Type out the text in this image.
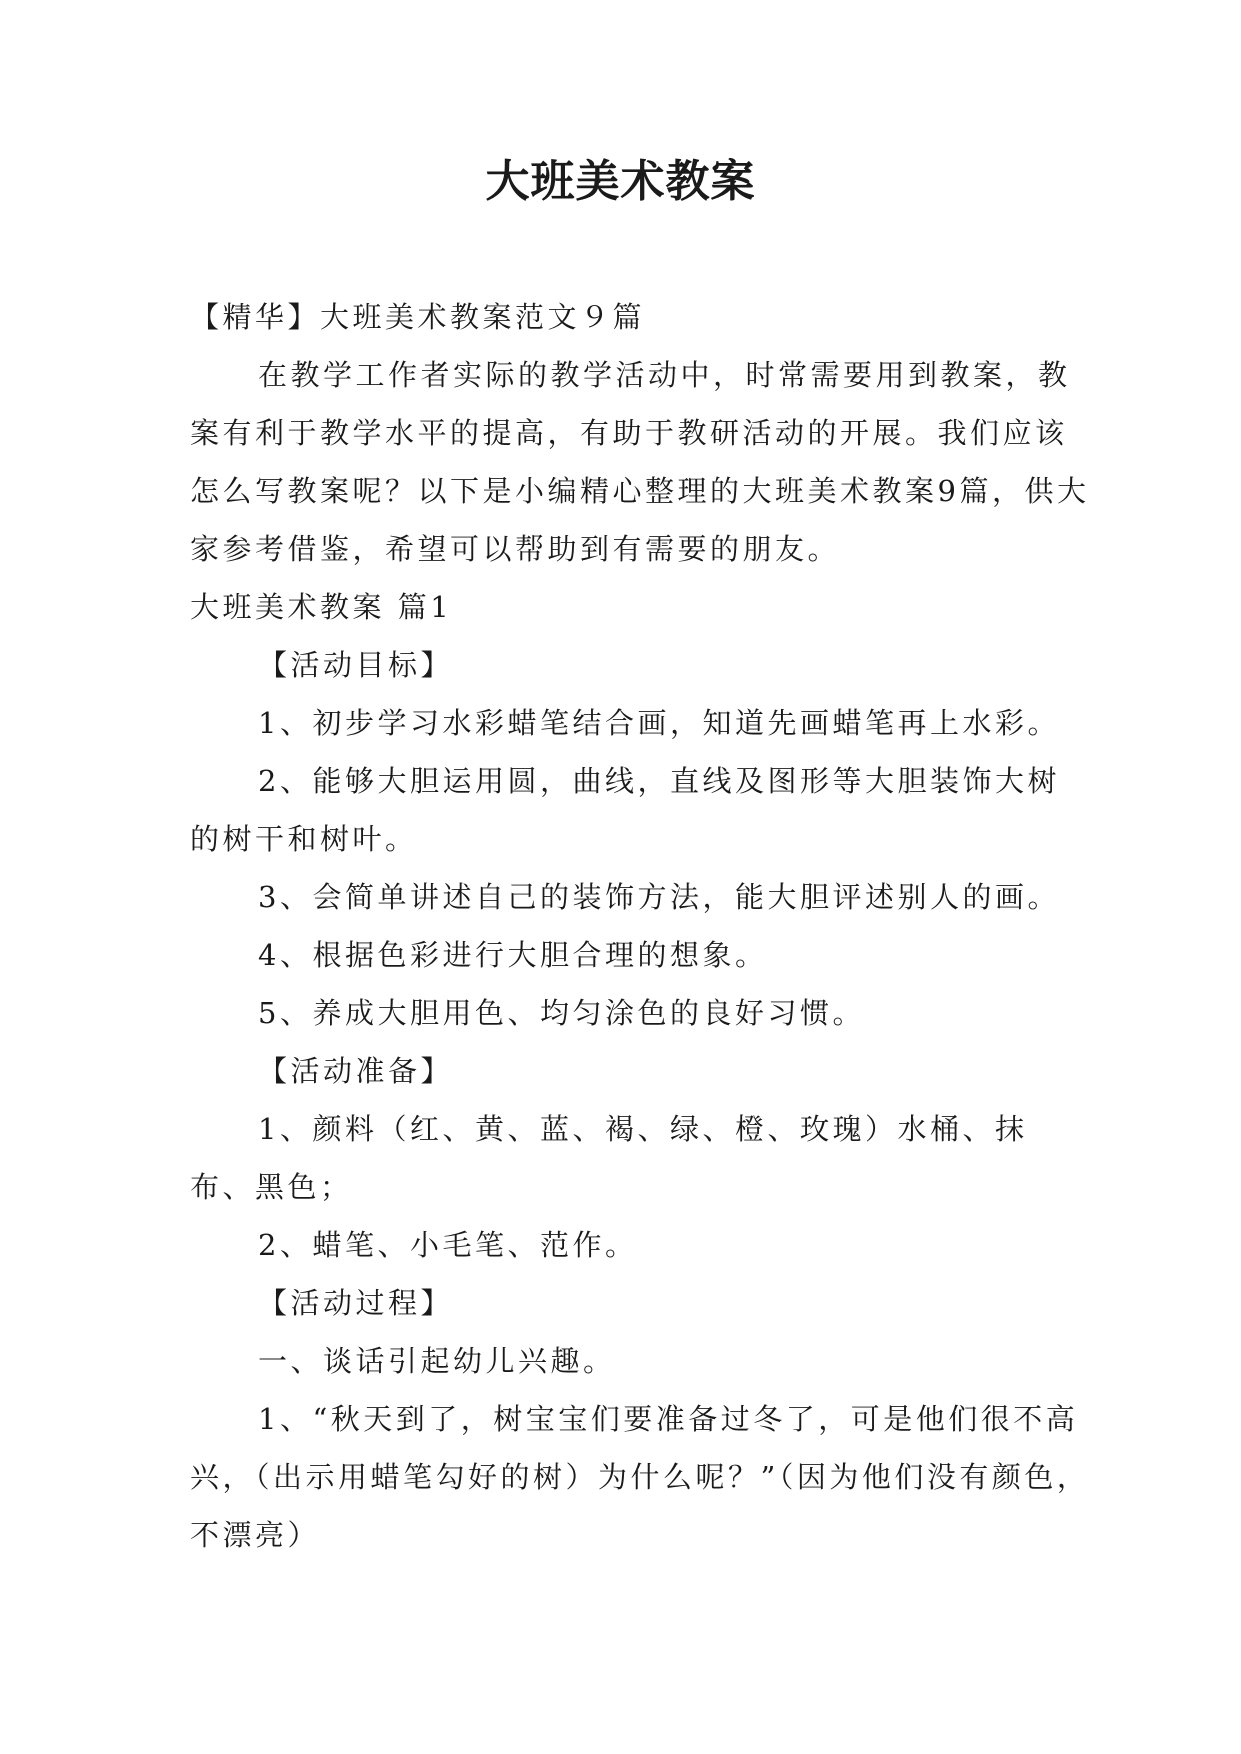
大班美术教案

【精华】大班美术教案范文９篇

在教学工作者实际的教学活动中，时常需要用到教案，教案有利于教学水平的提高，有助于教研活动的开展。我们应该怎么写教案呢？以下是小编精心整理的大班美术教案9篇，供大家参考借鉴，希望可以帮助到有需要的朋友。

大班美术教案 篇1

【活动目标】

1、初步学习水彩蜡笔结合画，知道先画蜡笔再上水彩。

2、能够大胆运用圆，曲线，直线及图形等大胆装饰大树的树干和树叶。

3、会简单讲述自己的装饰方法，能大胆评述别人的画。

4、根据色彩进行大胆合理的想象。

5、养成大胆用色、均匀涂色的良好习惯。

【活动准备】

1、颜料（红、黄、蓝、褐、绿、橙、玫瑰）水桶、抹布、黑色；

2、蜡笔、小毛笔、范作。

【活动过程】

一、谈话引起幼儿兴趣。

1、“秋天到了，树宝宝们要准备过冬了，可是他们很不高兴，（出示用蜡笔勾好的树）为什么呢？”（因为他们没有颜色，不漂亮）
